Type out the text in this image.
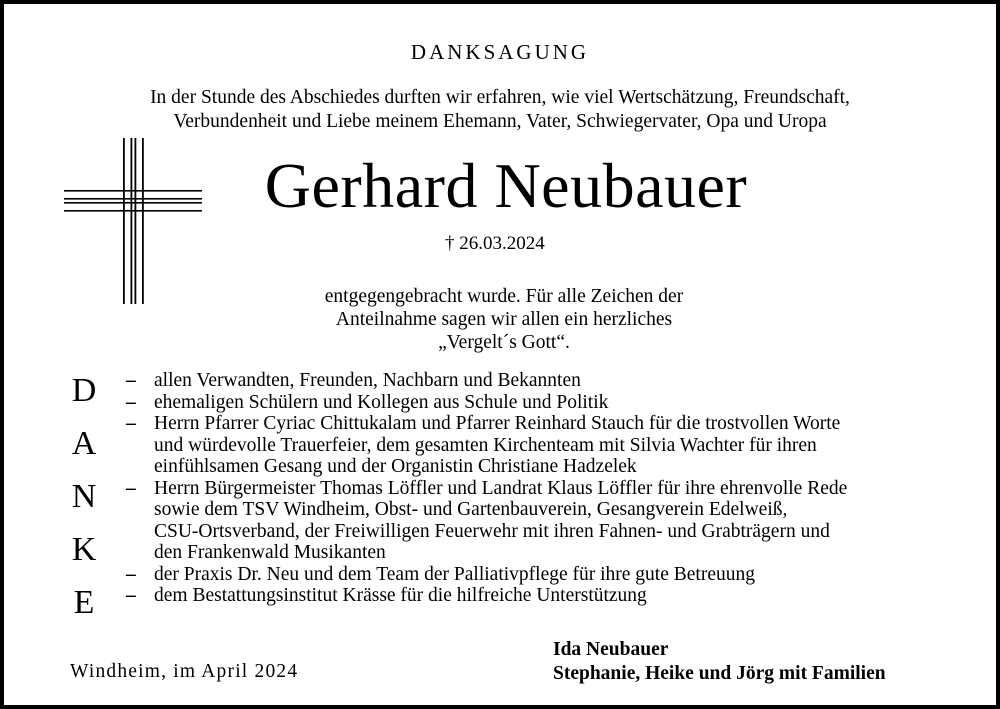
DANKSAGUNG
In der Stunde des Abschiedes durften wir erfahren, wie viel Wertschätzung, Freundschaft,
Verbundenheit und Liebe meinem Ehemann, Vater, Schwiegervater, Opa und Uropa
Gerhard Neubauer
† 26.03.2024
entgegengebracht wurde. Für alle Zeichen der
Anteilnahme sagen wir allen ein herzliches
„Vergelt´s Gott“.
D
A
N
K
E
– allen Verwandten, Freunden, Nachbarn und Bekannten
– ehemaligen Schülern und Kollegen aus Schule und Politik
– Herrn Pfarrer Cyriac Chittukalam und Pfarrer Reinhard Stauch für die trostvollen Worte
und würdevolle Trauerfeier, dem gesamten Kirchenteam mit Silvia Wachter für ihren
einfühlsamen Gesang und der Organistin Christiane Hadzelek
– Herrn Bürgermeister Thomas Löffler und Landrat Klaus Löffler für ihre ehrenvolle Rede
sowie dem TSV Windheim, Obst- und Gartenbauverein, Gesangverein Edelweiß,
CSU-Ortsverband, der Freiwilligen Feuerwehr mit ihren Fahnen- und Grabträgern und
den Frankenwald Musikanten
– der Praxis Dr. Neu und dem Team der Palliativpflege für ihre gute Betreuung
– dem Bestattungsinstitut Krässe für die hilfreiche Unterstützung
Windheim, im April 2024
Ida Neubauer
Stephanie, Heike und Jörg mit Familien
